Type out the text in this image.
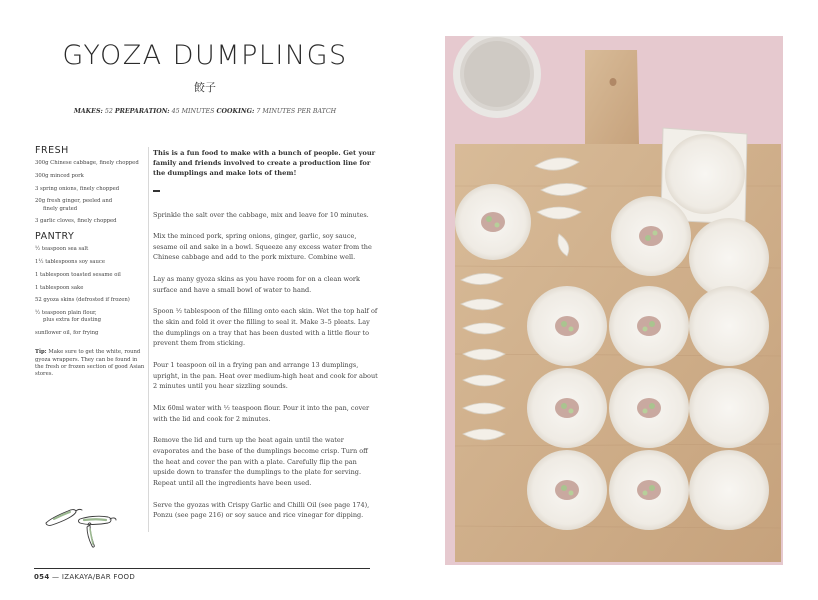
GYOZA DUMPLINGS
餃子
MAKES: 52 PREPARATION: 45 MINUTES COOKING: 7 MINUTES PER BATCH
FRESH
300g Chinese cabbage, finely chopped
300g minced pork
3 spring onions, finely chopped
20g fresh ginger, peeled and
finely grated
3 garlic cloves, finely chopped
PANTRY
½ teaspoon sea salt
1½ tablespoons soy sauce
1 tablespoon toasted sesame oil
1 tablespoon sake
52 gyoza skins (defrosted if frozen)
½ teaspoon plain flour,
plus extra for dusting
sunflower oil, for frying
Tip: Make sure to get the white, round gyoza wrappers. They can be found in the fresh or frozen section of good Asian stores.

This is a fun food to make with a bunch of people. Get your family and friends involved to create a production line for the dumplings and make lots of them!

Sprinkle the salt over the cabbage, mix and leave for 10 minutes.

Mix the minced pork, spring onions, ginger, garlic, soy sauce, sesame oil and sake in a bowl. Squeeze any excess water from the Chinese cabbage and add to the pork mixture. Combine well.

Lay as many gyoza skins as you have room for on a clean work surface and have a small bowl of water to hand.

Spoon ½ tablespoon of the filling onto each skin. Wet the top half of the skin and fold it over the filling to seal it. Make 3–5 pleats. Lay the dumplings on a tray that has been dusted with a little flour to prevent them from sticking.

Pour 1 teaspoon oil in a frying pan and arrange 13 dumplings, upright, in the pan. Heat over medium-high heat and cook for about 2 minutes until you hear sizzling sounds.

Mix 60ml water with ½ teaspoon flour. Pour it into the pan, cover with the lid and cook for 2 minutes.

Remove the lid and turn up the heat again until the water evaporates and the base of the dumplings become crisp. Turn off the heat and cover the pan with a plate. Carefully flip the pan upside down to transfer the dumplings to the plate for serving. Repeat until all the ingredients have been used.

Serve the gyozas with Crispy Garlic and Chilli Oil (see page 174), Ponzu (see page 216) or soy sauce and rice vinegar for dipping.

054 — IZAKAYA/BAR FOOD
